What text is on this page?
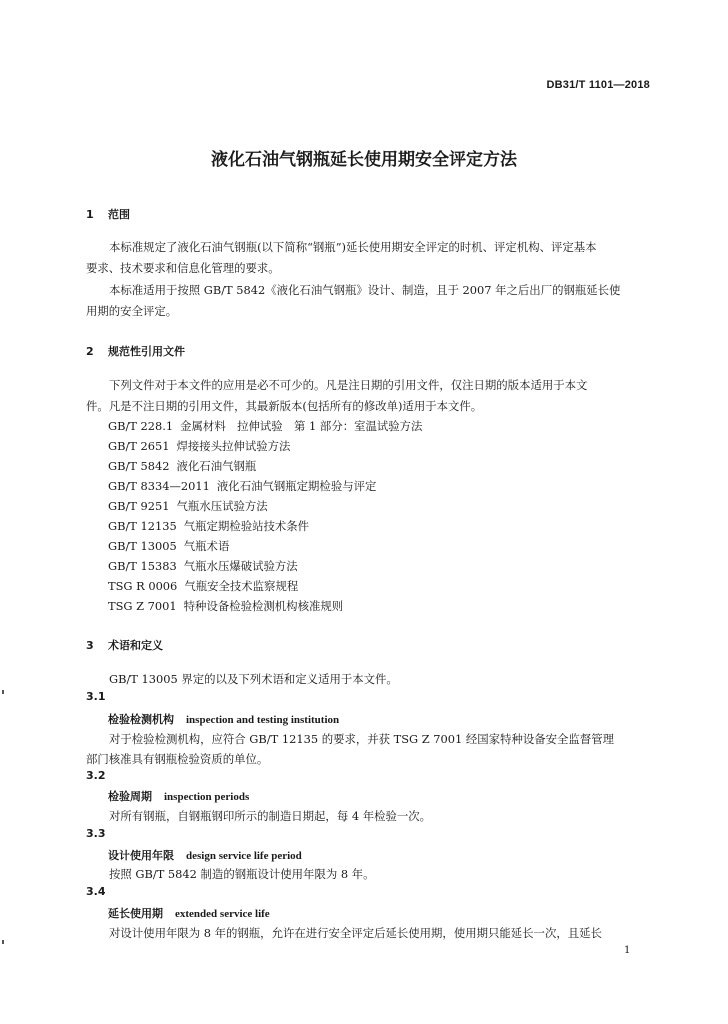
DB31/T 1101—2018
液化石油气钢瓶延长使用期安全评定方法
1 范围
本标准规定了液化石油气钢瓶(以下简称“钢瓶”)延长使用期安全评定的时机、评定机构、评定基本
要求、技术要求和信息化管理的要求。
本标准适用于按照 GB/T 5842《液化石油气钢瓶》设计、制造，且于 2007 年之后出厂的钢瓶延长使
用期的安全评定。
2 规范性引用文件
下列文件对于本文件的应用是必不可少的。凡是注日期的引用文件，仅注日期的版本适用于本文
件。凡是不注日期的引用文件，其最新版本(包括所有的修改单)适用于本文件。
GB/T 228.1 金属材料　拉伸试验　第 1 部分：室温试验方法
GB/T 2651 焊接接头拉伸试验方法
GB/T 5842 液化石油气钢瓶
GB/T 8334—2011 液化石油气钢瓶定期检验与评定
GB/T 9251 气瓶水压试验方法
GB/T 12135 气瓶定期检验站技术条件
GB/T 13005 气瓶术语
GB/T 15383 气瓶水压爆破试验方法
TSG R 0006 气瓶安全技术监察规程
TSG Z 7001 特种设备检验检测机构核准规则
3 术语和定义
GB/T 13005 界定的以及下列术语和定义适用于本文件。
3.1
检验检测机构 inspection and testing institution
对于检验检测机构，应符合 GB/T 12135 的要求，并获 TSG Z 7001 经国家特种设备安全监督管理
部门核准具有钢瓶检验资质的单位。
3.2
检验周期 inspection periods
对所有钢瓶，自钢瓶钢印所示的制造日期起，每 4 年检验一次。
3.3
设计使用年限 design service life period
按照 GB/T 5842 制造的钢瓶设计使用年限为 8 年。
3.4
延长使用期 extended service life
对设计使用年限为 8 年的钢瓶，允许在进行安全评定后延长使用期，使用期只能延长一次，且延长
1
